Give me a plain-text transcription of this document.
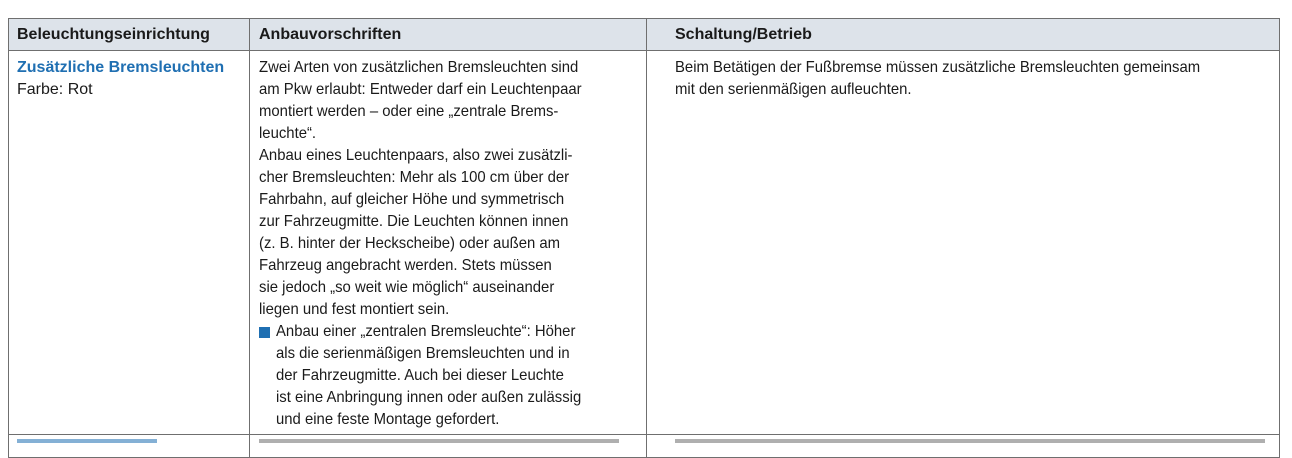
Beleuchtungseinrichtung	Anbauvorschriften	Schaltung/Betrieb
Zusätzliche Bremsleuchten
Farbe: Rot
Zwei Arten von zusätzlichen Bremsleuchten sind
am Pkw erlaubt: Entweder darf ein Leuchtenpaar
montiert werden – oder eine „zentrale Brems-
leuchte“.
Anbau eines Leuchtenpaars, also zwei zusätzli-
cher Bremsleuchten: Mehr als 100 cm über der
Fahrbahn, auf gleicher Höhe und symmetrisch
zur Fahrzeugmitte. Die Leuchten können innen
(z. B. hinter der Heckscheibe) oder außen am
Fahrzeug angebracht werden. Stets müssen
sie jedoch „so weit wie möglich“ auseinander
liegen und fest montiert sein.
Anbau einer „zentralen Bremsleuchte“: Höher
als die serienmäßigen Bremsleuchten und in
der Fahrzeugmitte. Auch bei dieser Leuchte
ist eine Anbringung innen oder außen zulässig
und eine feste Montage gefordert.
Beim Betätigen der Fußbremse müssen zusätzliche Bremsleuchten gemeinsam
mit den serienmäßigen aufleuchten.
